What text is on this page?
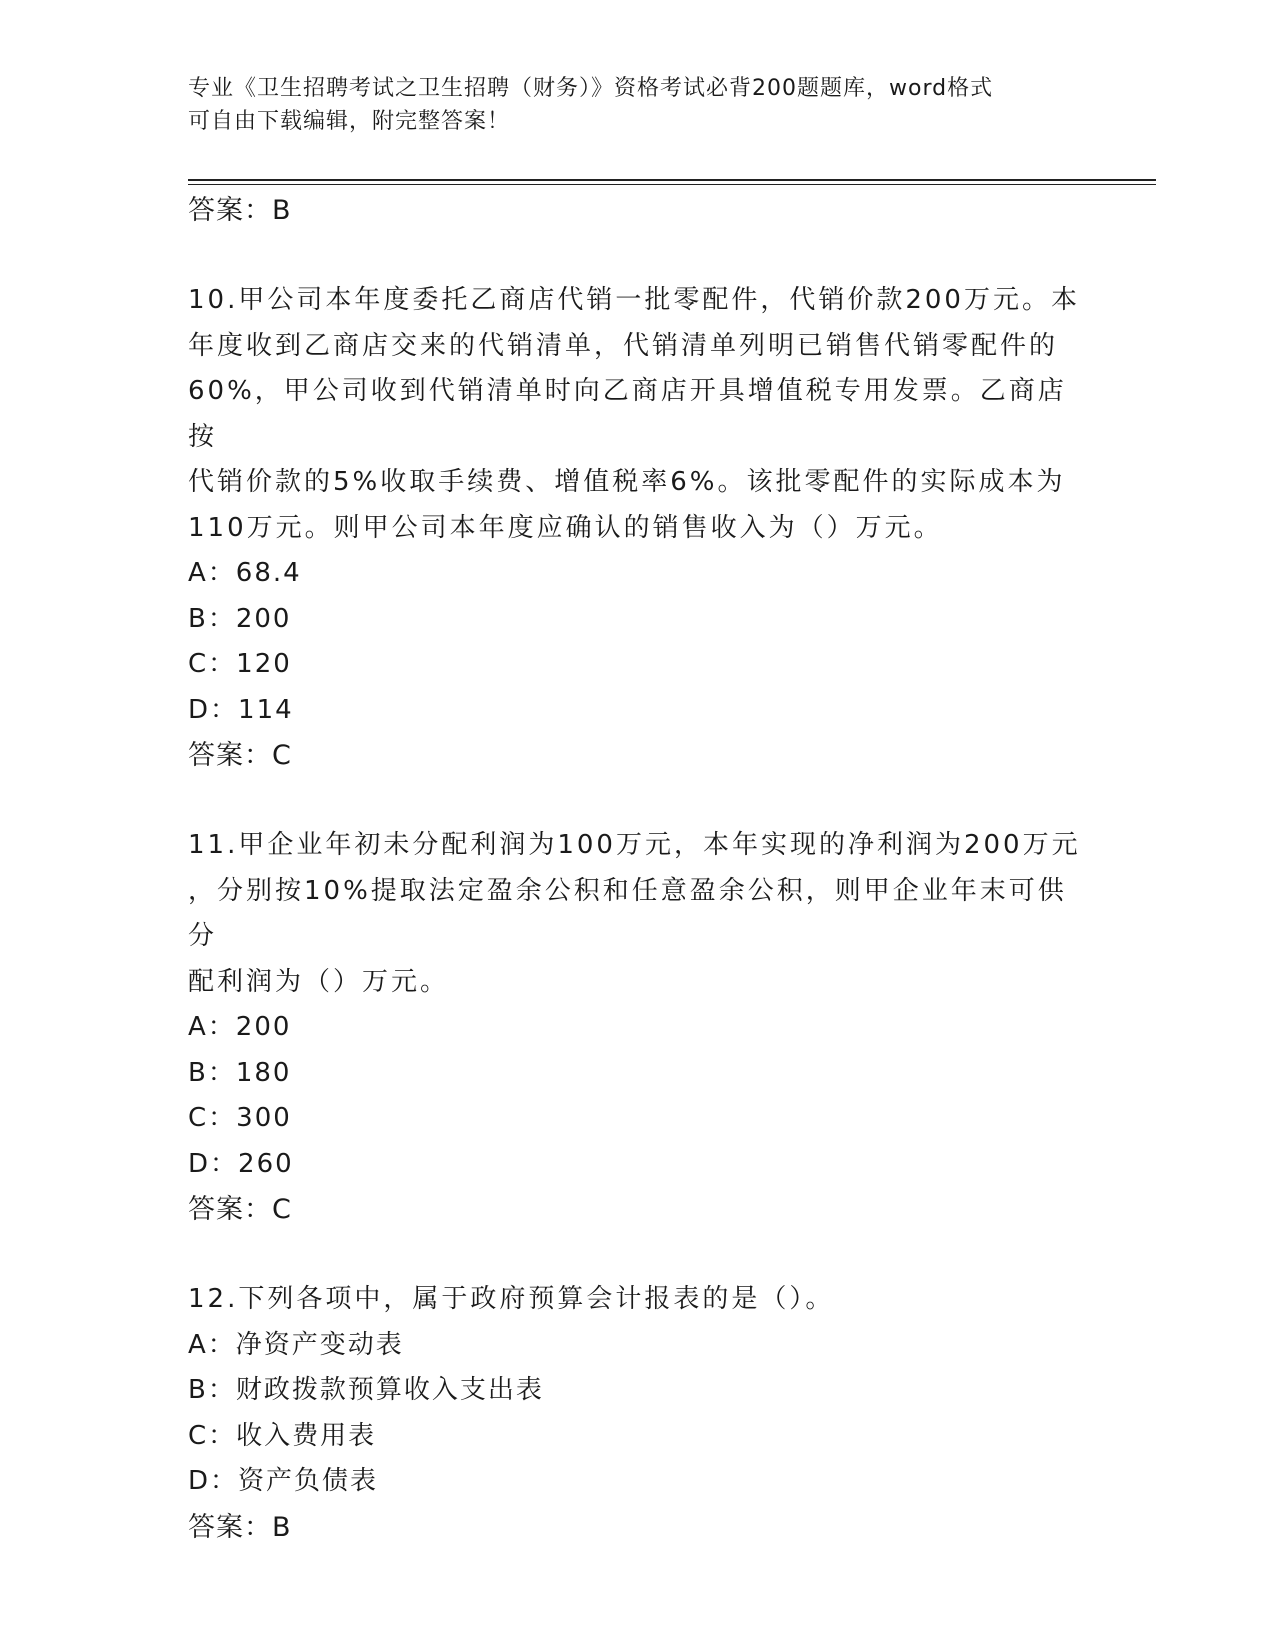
专业《卫生招聘考试之卫生招聘（财务）》资格考试必背200题题库，word格式
可自由下载编辑，附完整答案！

答案：B

10.甲公司本年度委托乙商店代销一批零配件，代销价款200万元。本

年度收到乙商店交来的代销清单，代销清单列明已销售代销零配件的

60%，甲公司收到代销清单时向乙商店开具增值税专用发票。乙商店按

代销价款的5%收取手续费、增值税率6%。该批零配件的实际成本为

110万元。则甲公司本年度应确认的销售收入为（）万元。

A：68.4

B：200

C：120

D：114

答案：C

11.甲企业年初未分配利润为100万元，本年实现的净利润为200万元

，分别按10%提取法定盈余公积和任意盈余公积，则甲企业年末可供分

配利润为（）万元。

A：200

B：180

C：300

D：260

答案：C

12.下列各项中，属于政府预算会计报表的是（）。

A：净资产变动表

B：财政拨款预算收入支出表

C：收入费用表

D：资产负债表

答案：B
